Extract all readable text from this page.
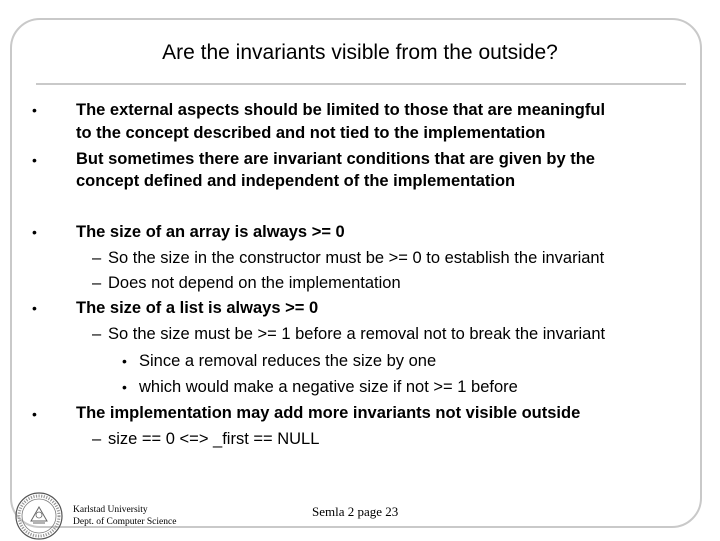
Are the invariants visible from the outside?
•
•
•
•
•
The external aspects should be limited to those that are meaningful
to the concept described and not tied to the implementation
But sometimes there are invariant conditions that are given by the
concept defined and independent of the implementation
The size of an array is always >= 0
– So the size in the constructor must be >= 0 to establish the invariant
– Does not depend on the implementation
The size of a list is always >= 0
– So the size must be >= 1 before a removal not to break the invariant
• Since a removal reduces the size by one
• which would make a negative size if not >= 1 before
The implementation may add more invariants not visible outside
– size == 0 <=> _first == NULL
Karlstad University
Dept. of Computer Science
Semla 2 page 23
